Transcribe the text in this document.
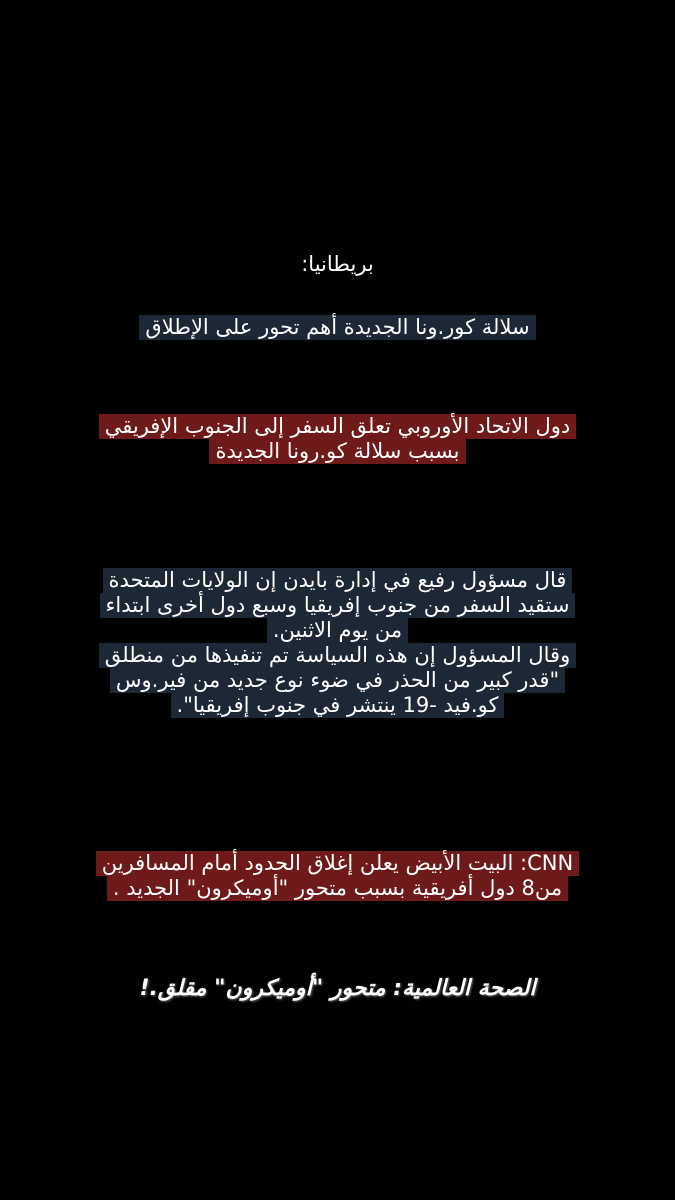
بريطانيا:
سلالة كور.ونا الجديدة أهم تحور على الإطلاق
دول الاتحاد الأوروبي تعلق السفر إلى الجنوب الإفريقي
بسبب سلالة كو.رونا الجديدة
قال مسؤول رفيع في إدارة بايدن إن الولايات المتحدة
ستقيد السفر من جنوب إفريقيا وسبع دول أخرى ابتداء
من يوم الاثنين.
وقال المسؤول إن هذه السياسة تم تنفيذها من منطلق
"قدر كبير من الحذر في ضوء نوع جديد من فير.وس
كو.فيد -19 ينتشر في جنوب إفريقيا".
CNN: البيت الأبيض يعلن إغلاق الحدود أمام المسافرين
من8 دول أفريقية بسبب متحور "أوميكرون" الجديد .
الصحة العالمية: متحور "أوميكرون" مقلق.!
